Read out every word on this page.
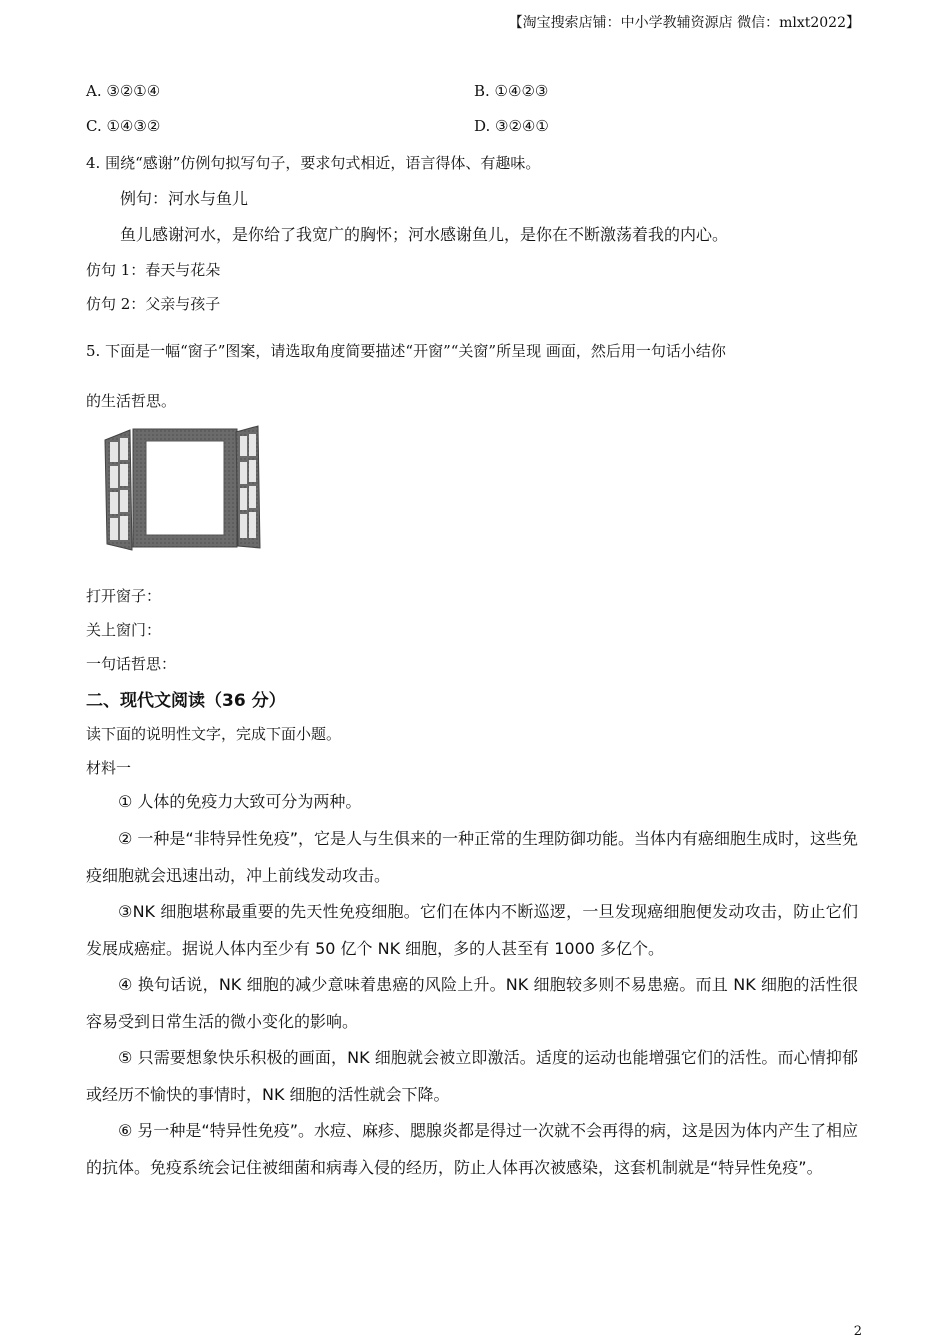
【淘宝搜索店铺：中小学教辅资源店 微信：mlxt2022】
A. ③②①④	B. ①④②③
C. ①④③②	D. ③②④①
4. 围绕“感谢”仿例句拟写句子，要求句式相近，语言得体、有趣味。
例句：河水与鱼儿
鱼儿感谢河水，是你给了我宽广的胸怀；河水感谢鱼儿，是你在不断激荡着我的内心。
仿句 1：春天与花朵
仿句 2：父亲与孩子
5. 下面是一幅“窗子”图案，请选取角度简要描述“开窗”“关窗”所呈现 画面，然后用一句话小结你
的生活哲思。
打开窗子：
关上窗门：
一句话哲思：
二、现代文阅读（36 分）
读下面的说明性文字，完成下面小题。
材料一
① 人体的免疫力大致可分为两种。
② 一种是“非特异性免疫”，它是人与生俱来的一种正常的生理防御功能。当体内有癌细胞生成时，这些免疫细胞就会迅速出动，冲上前线发动攻击。
③NK 细胞堪称最重要的先天性免疫细胞。它们在体内不断巡逻，一旦发现癌细胞便发动攻击，防止它们发展成癌症。据说人体内至少有 50 亿个 NK 细胞，多的人甚至有 1000 多亿个。
④ 换句话说，NK 细胞的减少意味着患癌的风险上升。NK 细胞较多则不易患癌。而且 NK 细胞的活性很容易受到日常生活的微小变化的影响。
⑤ 只需要想象快乐积极的画面，NK 细胞就会被立即激活。适度的运动也能增强它们的活性。而心情抑郁或经历不愉快的事情时，NK 细胞的活性就会下降。
⑥ 另一种是“特异性免疫”。水痘、麻疹、腮腺炎都是得过一次就不会再得的病，这是因为体内产生了相应的抗体。免疫系统会记住被细菌和病毒入侵的经历，防止人体再次被感染，这套机制就是“特异性免疫”。
2
